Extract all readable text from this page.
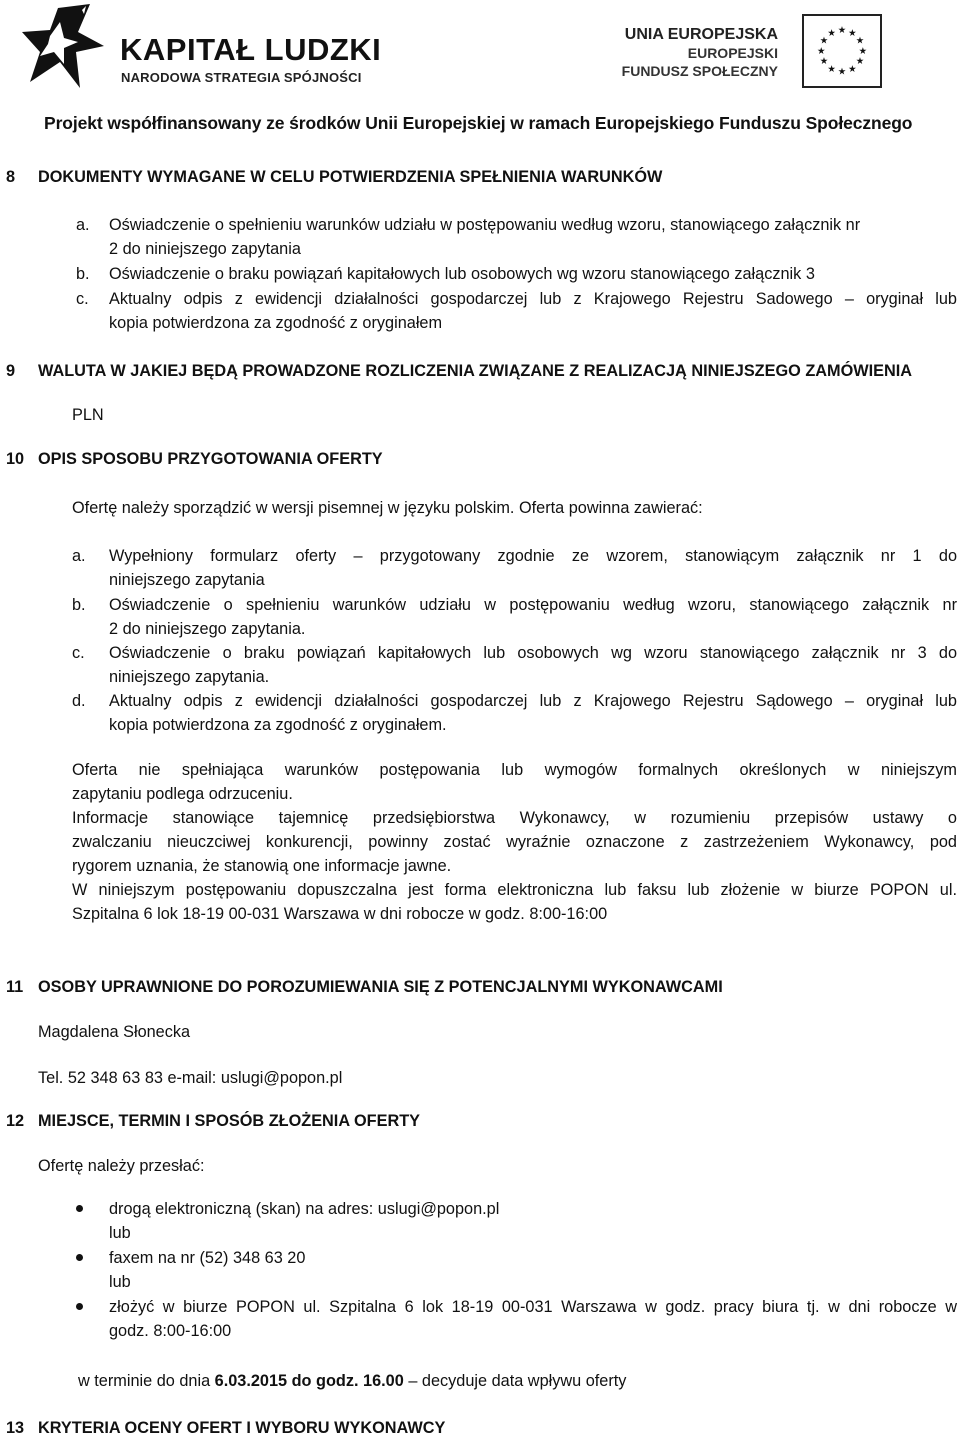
KAPITAŁ LUDZKI
NARODOWA STRATEGIA SPÓJNOŚCI
UNIA EUROPEJSKA
EUROPEJSKI
FUNDUSZ SPOŁECZNY
★ ★
★
★
★
★
★
★
★
★
★
★
Projekt współfinansowany ze środków Unii Europejskiej w ramach Europejskiego Funduszu Społecznego
8 DOKUMENTY WYMAGANE W CELU POTWIERDZENIA SPEŁNIENIA WARUNKÓW
a. Oświadczenie o spełnieniu warunków udziału w postępowaniu według wzoru, stanowiącego załącznik nr
2 do niniejszego zapytania
b. Oświadczenie o braku powiązań kapitałowych lub osobowych wg wzoru stanowiącego załącznik 3
c. Aktualny odpis z ewidencji działalności gospodarczej lub z Krajowego Rejestru Sadowego – oryginał lub
kopia potwierdzona za zgodność z oryginałem
9 WALUTA W JAKIEJ BĘDĄ PROWADZONE ROZLICZENIA ZWIĄZANE Z REALIZACJĄ NINIEJSZEGO ZAMÓWIENIA
PLN
10 OPIS SPOSOBU PRZYGOTOWANIA OFERTY
Ofertę należy sporządzić w wersji pisemnej w języku polskim. Oferta powinna zawierać:
a. Wypełniony formularz oferty – przygotowany zgodnie ze wzorem, stanowiącym załącznik nr 1 do
niniejszego zapytania
b. Oświadczenie o spełnieniu warunków udziału w postępowaniu według wzoru, stanowiącego załącznik nr
2 do niniejszego zapytania.
c. Oświadczenie o braku powiązań kapitałowych lub osobowych wg wzoru stanowiącego załącznik nr 3 do
niniejszego zapytania.
d. Aktualny odpis z ewidencji działalności gospodarczej lub z Krajowego Rejestru Sądowego – oryginał lub
kopia potwierdzona za zgodność z oryginałem.
Oferta nie spełniająca warunków postępowania lub wymogów formalnych określonych w niniejszym
zapytaniu podlega odrzuceniu.
Informacje stanowiące tajemnicę przedsiębiorstwa Wykonawcy, w rozumieniu przepisów ustawy o
zwalczaniu nieuczciwej konkurencji, powinny zostać wyraźnie oznaczone z zastrzeżeniem Wykonawcy, pod
rygorem uznania, że stanowią one informacje jawne.
W niniejszym postępowaniu dopuszczalna jest forma elektroniczna lub faksu lub złożenie w biurze POPON ul.
Szpitalna 6 lok 18-19 00-031 Warszawa w dni robocze w godz. 8:00-16:00
11 OSOBY UPRAWNIONE DO POROZUMIEWANIA SIĘ Z POTENCJALNYMI WYKONAWCAMI
Magdalena Słonecka
Tel. 52 348 63 83 e-mail: uslugi@popon.pl
12 MIEJSCE, TERMIN I SPOSÓB ZŁOŻENIA OFERTY
Ofertę należy przesłać:
drogą elektroniczną (skan) na adres: uslugi@popon.pl
lub
faxem na nr (52) 348 63 20
lub
złożyć w biurze POPON ul. Szpitalna 6 lok 18-19 00-031 Warszawa w godz. pracy biura tj. w dni robocze w
godz. 8:00-16:00
w terminie do dnia 6.03.2015 do godz. 16.00 – decyduje data wpływu oferty
13 KRYTERIA OCENY OFERT I WYBORU WYKONAWCY
